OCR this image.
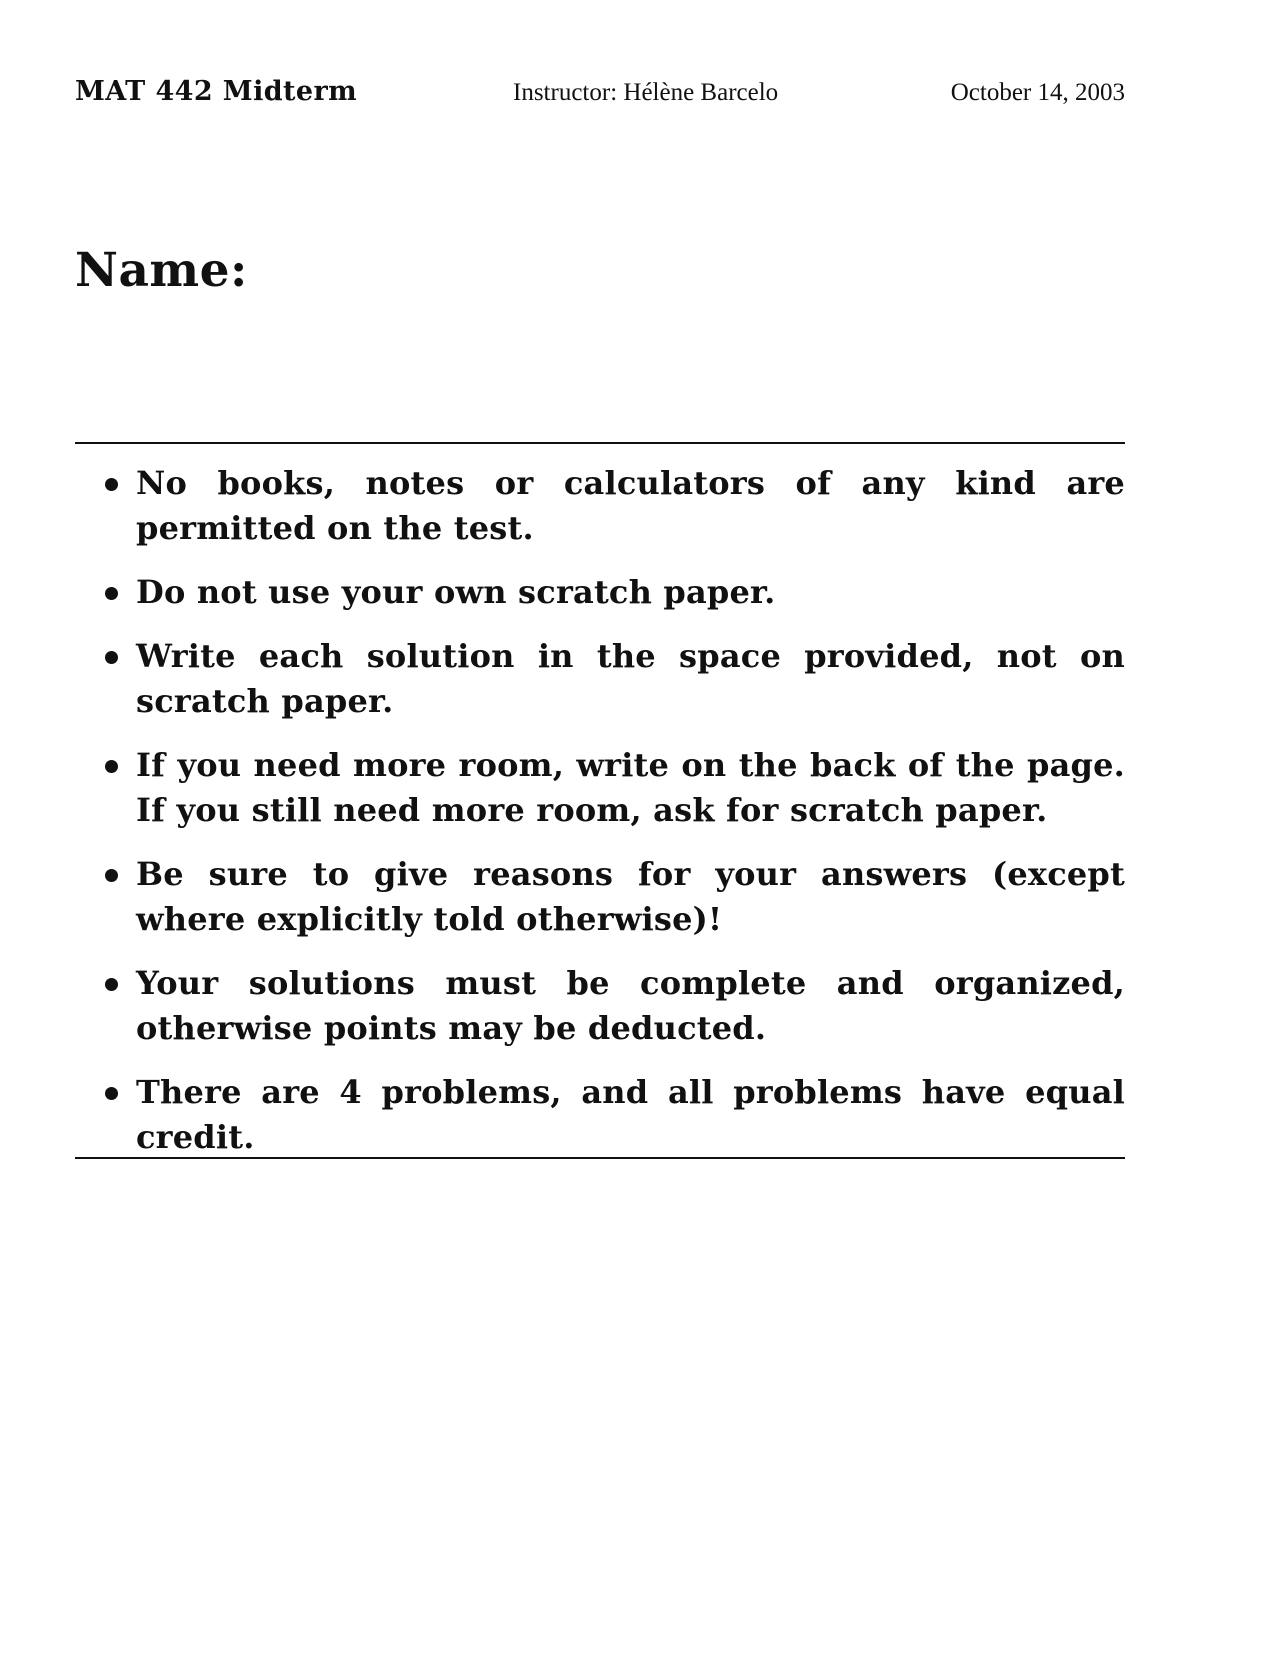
MAT 442 Midterm	Instructor: Hélène Barcelo	October 14, 2003
Name:
No books, notes or calculators of any kind are permitted on the test.
Do not use your own scratch paper.
Write each solution in the space provided, not on scratch paper.
If you need more room, write on the back of the page. If you still need more room, ask for scratch paper.
Be sure to give reasons for your answers (except where explicitly told otherwise)!
Your solutions must be complete and organized, otherwise points may be deducted.
There are 4 problems, and all problems have equal credit.
